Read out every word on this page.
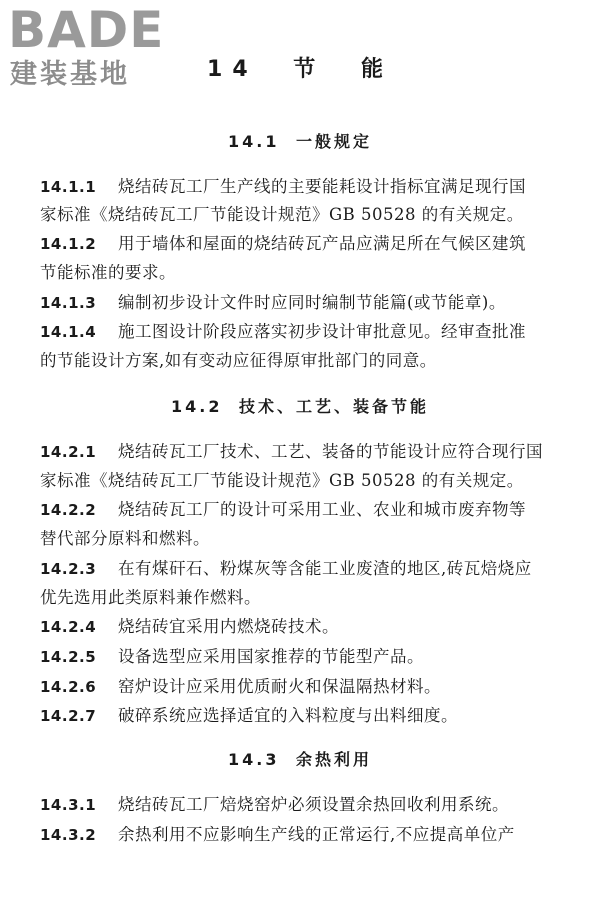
BADE
建装基地	14 节 能
14.1 一般规定
14.1.1 烧结砖瓦工厂生产线的主要能耗设计指标宜满足现行国
家标准《烧结砖瓦工厂节能设计规范》GB 50528 的有关规定。
14.1.2 用于墙体和屋面的烧结砖瓦产品应满足所在气候区建筑
节能标准的要求。
14.1.3 编制初步设计文件时应同时编制节能篇(或节能章)。
14.1.4 施工图设计阶段应落实初步设计审批意见。经审查批准
的节能设计方案,如有变动应征得原审批部门的同意。
14.2 技术、工艺、装备节能
14.2.1 烧结砖瓦工厂技术、工艺、装备的节能设计应符合现行国
家标准《烧结砖瓦工厂节能设计规范》GB 50528 的有关规定。
14.2.2 烧结砖瓦工厂的设计可采用工业、农业和城市废弃物等
替代部分原料和燃料。
14.2.3 在有煤矸石、粉煤灰等含能工业废渣的地区,砖瓦焙烧应
优先选用此类原料兼作燃料。
14.2.4 烧结砖宜采用内燃烧砖技术。
14.2.5 设备选型应采用国家推荐的节能型产品。
14.2.6 窑炉设计应采用优质耐火和保温隔热材料。
14.2.7 破碎系统应选择适宜的入料粒度与出料细度。
14.3 余热利用
14.3.1 烧结砖瓦工厂焙烧窑炉必须设置余热回收利用系统。
14.3.2 余热利用不应影响生产线的正常运行,不应提高单位产
